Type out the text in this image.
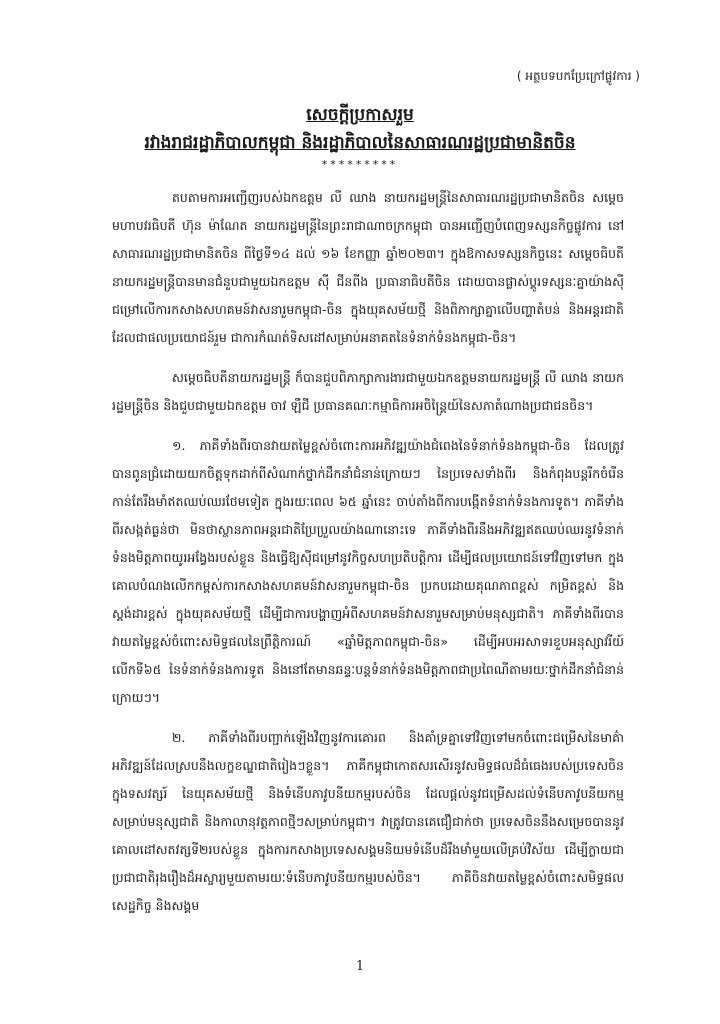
( អត្ថបទបកប្រែក្រៅផ្លូវការ )
សេចក្តីប្រកាសរួម
រវាងរាជរដ្ឋាភិបាលកម្ពុជា និងរដ្ឋាភិបាលនៃសាធារណរដ្ឋប្រជាមានិតចិន
*********

តបតាមការអញ្ជើញរបស់ឯកឧត្តម លី ឈាង នាយករដ្ឋមន្ត្រីនៃសាធារណរដ្ឋប្រជាមានិតចិន សម្តេចមហាបវរធិបតី ហ៊ុន ម៉ាណែត នាយករដ្ឋមន្ត្រីនៃព្រះរាជាណាចក្រកម្ពុជា បានអញ្ជើញបំពេញទស្សនកិច្ចផ្លូវការ នៅសាធារណរដ្ឋប្រជាមានិតចិន ពីថ្ងៃទី១៤ ដល់ ១៦ ខែកញ្ញា ឆ្នាំ២០២៣។ ក្នុងឱកាសទស្សនកិច្ចនេះ សម្តេចធិបតីនាយករដ្ឋមន្ត្រីបានមានជំនួបជាមួយឯកឧត្តម ស៊ី ជីនពីង ប្រធានាធិបតីចិន ដោយបានផ្លាស់ប្តូរទស្សនៈគ្នាយ៉ាងស៊ីជម្រៅលើការកសាងសហគមន៍វាសនារួមកម្ពុជា-ចិន ក្នុងយុគសម័យថ្មី និងពិភាក្សាគ្នាលើបញ្ហាតំបន់ និងអន្តរជាតិ ដែលជាផលប្រយោជន៍រួម ជាការកំណត់ទិសដៅសម្រាប់អនាគតនៃទំនាក់ទំនងកម្ពុជា-ចិន។

សម្តេចធិបតីនាយករដ្ឋមន្ត្រី ក៏បានជួបពិភាក្សាការងារជាមួយឯកឧត្តមនាយករដ្ឋមន្ត្រី លី ឈាង នាយករដ្ឋមន្ត្រីចិន និងជួបជាមួយឯកឧត្តម ចាវ ឡឺជី ប្រធានគណៈកម្មាធិការអចិន្ត្រៃយ៍នៃសភាតំណាងប្រជាជនចិន។

១. ភាគីទាំងពីរបានវាយតម្លៃខ្ពស់ចំពោះការអភិវឌ្ឍយ៉ាងជំពេងនៃទំនាក់ទំនងកម្ពុជា-ចិន ដែលត្រូវបានពូនជ្រំដោយយកចិត្តទុកដាក់ពីសំណាក់ថ្នាក់ដឹកនាំជំនាន់ក្រោយៗ នៃប្រទេសទាំងពីរ និងកំពុងបន្តរីកចំរើនកាន់តែរឹងមាំឥតឈប់ឈរថែមទៀត ក្នុងរយៈពេល ៦៥ ឆ្នាំនេះ ចាប់តាំងពីការបង្កើតទំនាក់ទំនងការទូត។ ភាគីទាំងពីរសង្កត់ធ្ងន់ថា មិនថាស្ថានភាពអន្តរជាតិប្រែប្រួលយ៉ាងណានោះទេ ភាគីទាំងពីរនឹងអភិវឌ្ឍឥតឈប់ឈរនូវទំនាក់ទំនងមិត្តភាពយូរអង្វែងរបស់ខ្លួន និងធ្វើឱ្យស៊ីជម្រៅនូវកិច្ចសហប្រតិបត្តិការ ដើម្បីផលប្រយោជន៍ទៅវិញទៅមក ក្នុងគោលបំណងលើកកម្ពស់ការកសាងសហគមន៍វាសនារួមកម្ពុជា-ចិន ប្រកបដោយគុណភាពខ្ពស់ កម្រិតខ្ពស់ និងស្តង់ដារខ្ពស់ ក្នុងយុគសម័យថ្មី ដើម្បីជាការបង្ហាញអំពីសហគមន៍វាសនារួមសម្រាប់មនុស្សជាតិ។ ភាគីទាំងពីរបានវាយតម្លៃខ្ពស់ចំពោះសមិទ្ធផលនៃព្រឹត្តិការណ៍ «ឆ្នាំមិត្តភាពកម្ពុជា-ចិន» ដើម្បីអបអរសាទរខួបអនុស្សាវរីយ៍លើកទី៦៥ នៃទំនាក់ទំនងការទូត និងនៅតែមានឆន្ទៈបន្តទំនាក់ទំនងមិត្តភាពជាប្រពៃណីតាមរយៈថ្នាក់ដឹកនាំជំនាន់ក្រោយៗ។

២. ភាគីទាំងពីរបញ្ជាក់ឡើងវិញនូវការគោរព និងគាំទ្រគ្នាទៅវិញទៅមកចំពោះជម្រើសនៃមាគ៌ាអភិវឌ្ឍន៍ដែលស្របនឹងលក្ខខណ្ឌជាតិរៀងៗខ្លួន។ ភាគីកម្ពុជាកោតសរសើរនូវសមិទ្ធផលដ៏ធំធេងរបស់ប្រទេសចិនក្នុងទសវត្សរ៍ នៃយុគសម័យថ្មី និងទំនើបភាវូបនីយកម្មរបស់ចិន ដែលផ្តល់នូវជម្រើសដល់ទំនើបភាវូបនីយកម្មសម្រាប់មនុស្សជាតិ និងកាលានុវត្តភាពថ្មីៗសម្រាប់កម្ពុជា។ វាត្រូវបានគេជឿជាក់ថា ប្រទេសចិននឹងសម្រេចបាននូវគោលដៅសតវត្សទី២របស់ខ្លួន ក្នុងការកសាងប្រទេសសង្គមនិយមទំនើបដ៏រឹងមាំមួយលើគ្រប់វិស័យ ដើម្បីក្លាយជាប្រជាជាតិរុងរឿងដ៏អស្ចារ្យមួយតាមរយៈទំនើបភាវូបនីយកម្មរបស់ចិន។ ភាគីចិនវាយតម្លៃខ្ពស់ចំពោះសមិទ្ធផលសេដ្ឋកិច្ច និងសង្គម

1
